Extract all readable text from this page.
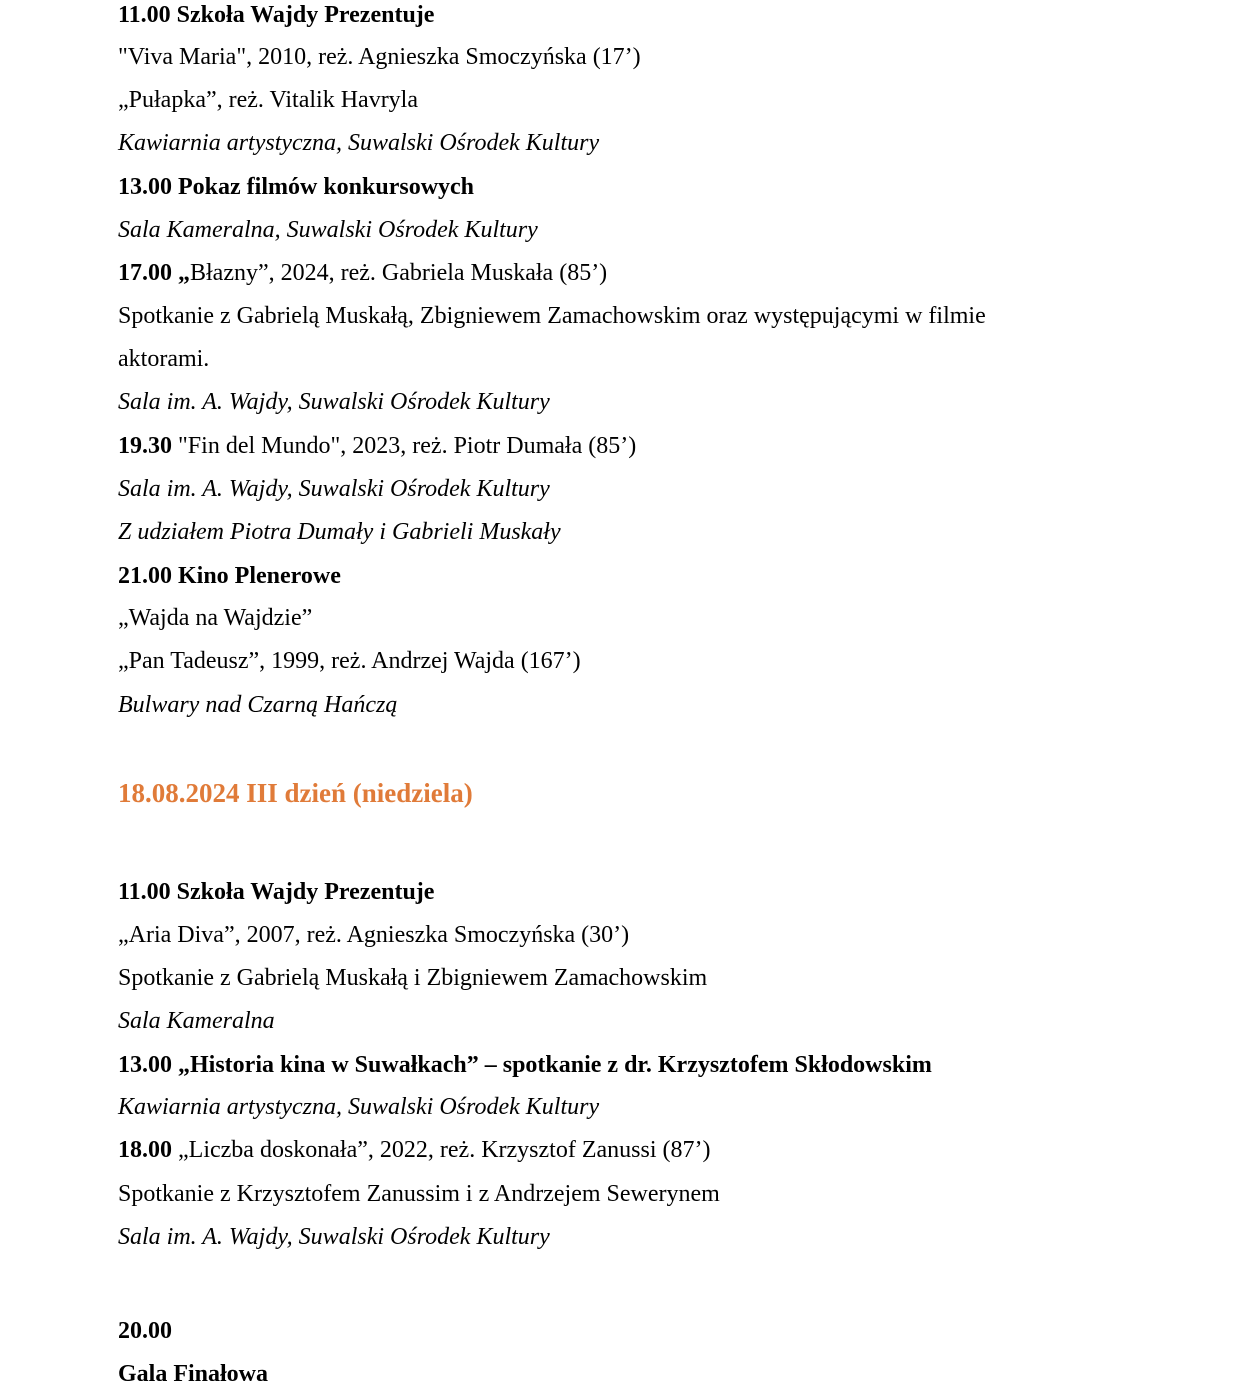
11.00 Szkoła Wajdy Prezentuje
"Viva Maria", 2010, reż. Agnieszka Smoczyńska (17’)
„Pułapka”, reż. Vitalik Havryla
Kawiarnia artystyczna, Suwalski Ośrodek Kultury
13.00 Pokaz filmów konkursowych
Sala Kameralna, Suwalski Ośrodek Kultury
17.00 „Błazny”, 2024, reż. Gabriela Muskała (85’)
Spotkanie z Gabrielą Muskałą, Zbigniewem Zamachowskim oraz występującymi w filmie
aktorami.
Sala im. A. Wajdy, Suwalski Ośrodek Kultury
19.30 "Fin del Mundo", 2023, reż. Piotr Dumała (85’)
Sala im. A. Wajdy, Suwalski Ośrodek Kultury
Z udziałem Piotra Dumały i Gabrieli Muskały
21.00 Kino Plenerowe
„Wajda na Wajdzie”
„Pan Tadeusz”, 1999, reż. Andrzej Wajda (167’)
Bulwary nad Czarną Hańczą
18.08.2024 III dzień (niedziela)
11.00 Szkoła Wajdy Prezentuje
„Aria Diva”, 2007, reż. Agnieszka Smoczyńska (30’)
Spotkanie z Gabrielą Muskałą i Zbigniewem Zamachowskim
Sala Kameralna
13.00 „Historia kina w Suwałkach” – spotkanie z dr. Krzysztofem Skłodowskim
Kawiarnia artystyczna, Suwalski Ośrodek Kultury
18.00 „Liczba doskonała”, 2022, reż. Krzysztof Zanussi (87’)
Spotkanie z Krzysztofem Zanussim i z Andrzejem Sewerynem
Sala im. A. Wajdy, Suwalski Ośrodek Kultury
20.00
Gala Finałowa
